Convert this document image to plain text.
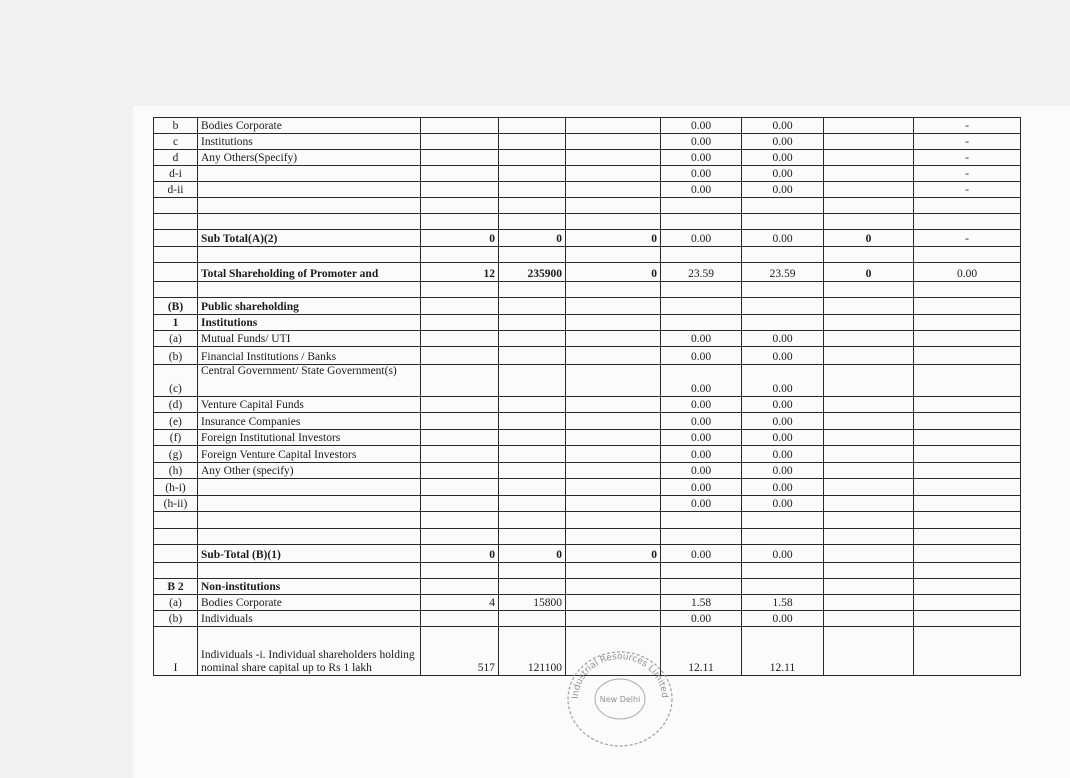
b	Bodies Corporate				0.00	0.00		-
c	Institutions				0.00	0.00		-
d	Any Others(Specify)				0.00	0.00		-
d-i					0.00	0.00		-
d-ii					0.00	0.00		-

	Sub Total(A)(2)	0	0	0	0.00	0.00	0	-

	Total Shareholding of Promoter and	12	235900	0	23.59	23.59	0	0.00

(B)	Public shareholding							
1	Institutions							
(a)	Mutual Funds/ UTI				0.00	0.00		
(b)	Financial Institutions / Banks				0.00	0.00		
(c)	Central Government/ State Government(s)				0.00	0.00		
(d)	Venture Capital Funds				0.00	0.00		
(e)	Insurance Companies				0.00	0.00		
(f)	Foreign Institutional Investors				0.00	0.00		
(g)	Foreign Venture Capital Investors				0.00	0.00		
(h)	Any Other (specify)				0.00	0.00		
(h-i)					0.00	0.00		
(h-ii)					0.00	0.00		

	Sub-Total (B)(1)	0	0	0	0.00	0.00		

B 2	Non-institutions							
(a)	Bodies Corporate	4	15800		1.58	1.58		
(b)	Individuals				0.00	0.00		
I	Individuals -i. Individual shareholders holding nominal share capital up to Rs 1 lakh	517	121100		12.11	12.11		
Industrial Resources Limited
New Delhi
